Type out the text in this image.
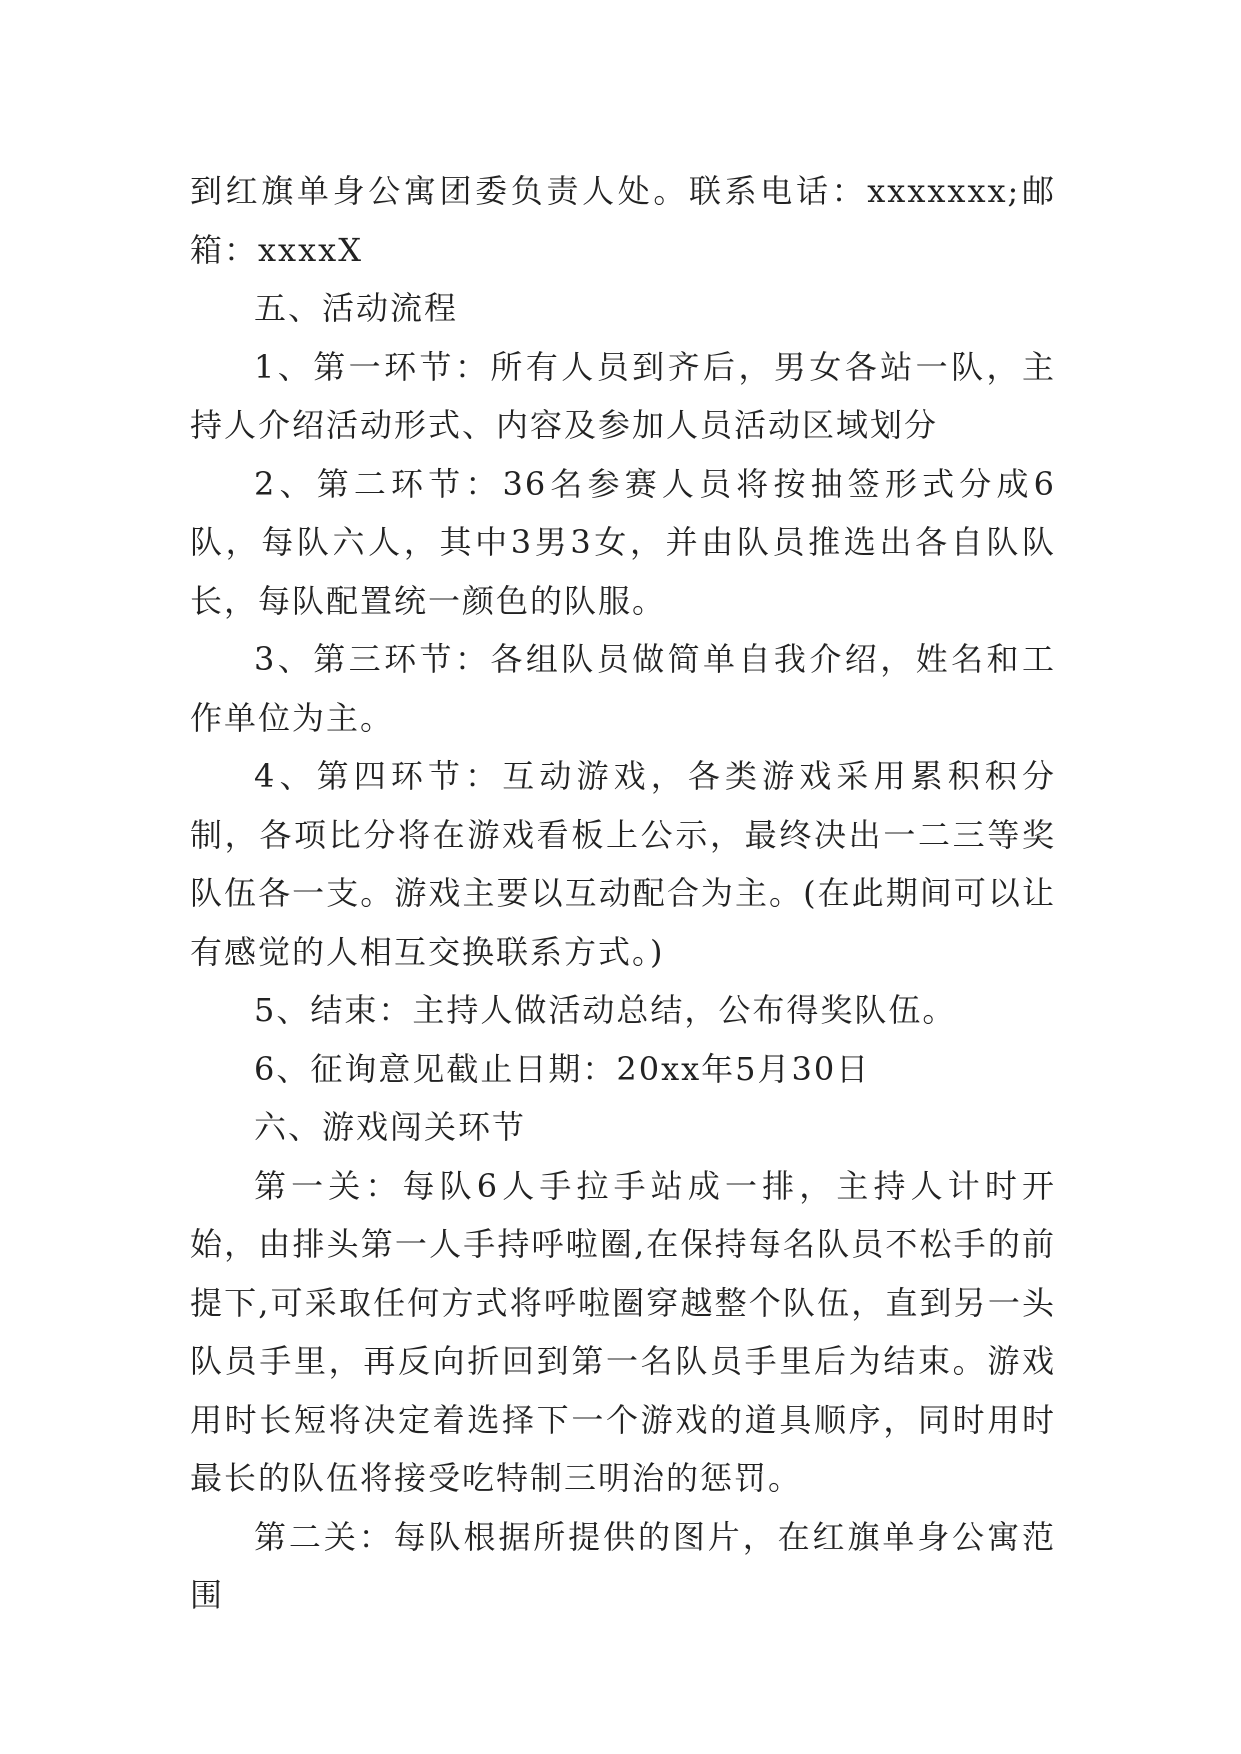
到红旗单身公寓团委负责人处。联系电话：xxxxxxx;邮箱：xxxxX

五、活动流程

1、第一环节：所有人员到齐后，男女各站一队，主持人介绍活动形式、内容及参加人员活动区域划分

2、第二环节：36名参赛人员将按抽签形式分成6队，每队六人，其中3男3女，并由队员推选出各自队队长，每队配置统一颜色的队服。

3、第三环节：各组队员做简单自我介绍，姓名和工作单位为主。

4、第四环节：互动游戏，各类游戏采用累积积分制，各项比分将在游戏看板上公示，最终决出一二三等奖队伍各一支。游戏主要以互动配合为主。(在此期间可以让有感觉的人相互交换联系方式。)

5、结束：主持人做活动总结，公布得奖队伍。

6、征询意见截止日期：20xx年5月30日

六、游戏闯关环节

第一关：每队6人手拉手站成一排，主持人计时开始，由排头第一人手持呼啦圈,在保持每名队员不松手的前提下,可采取任何方式将呼啦圈穿越整个队伍，直到另一头队员手里，再反向折回到第一名队员手里后为结束。游戏用时长短将决定着选择下一个游戏的道具顺序，同时用时最长的队伍将接受吃特制三明治的惩罚。

第二关：每队根据所提供的图片，在红旗单身公寓范围
